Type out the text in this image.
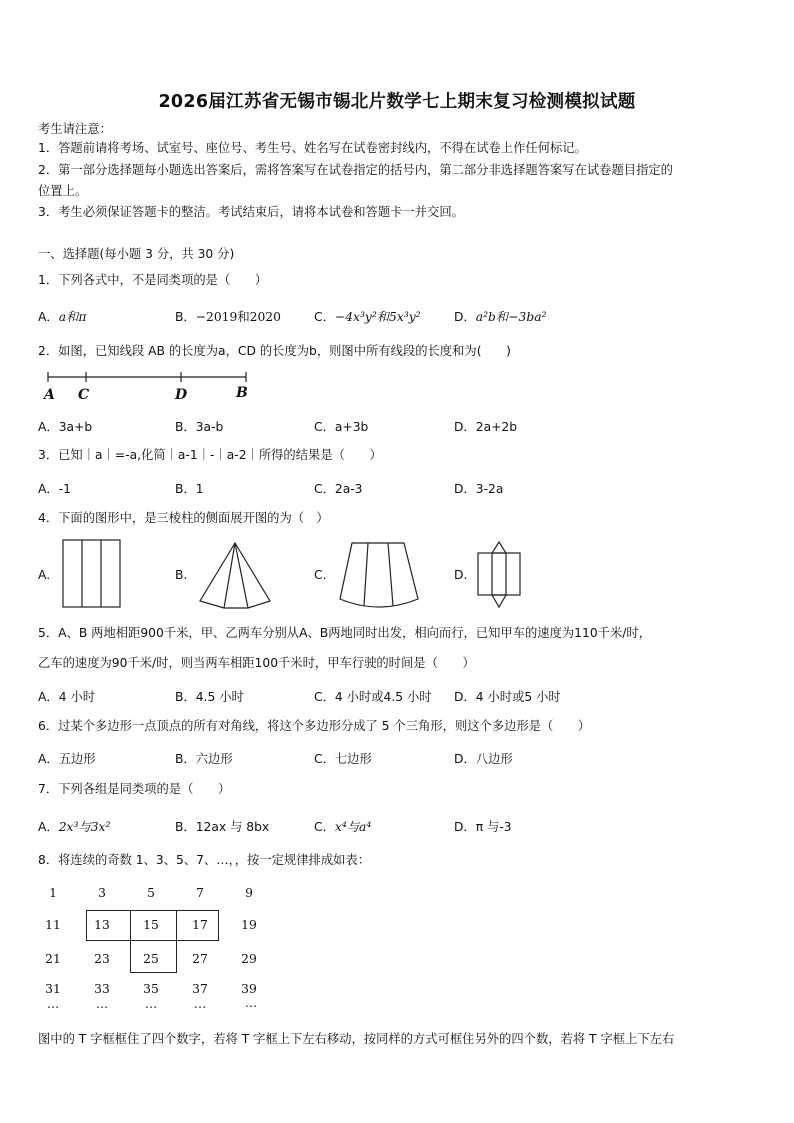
2026届江苏省无锡市锡北片数学七上期末复习检测模拟试题
考生请注意：
1．答题前请将考场、试室号、座位号、考生号、姓名写在试卷密封线内，不得在试卷上作任何标记。
2．第一部分选择题每小题选出答案后，需将答案写在试卷指定的括号内，第二部分非选择题答案写在试卷题目指定的
位置上。
3．考生必须保证答题卡的整洁。考试结束后，请将本试卷和答题卡一并交回。
一、选择题(每小题 3 分，共 30 分)
1．下列各式中，不是同类项的是（　　）
A．a和π	B．−2019和2020	C．−4x³y²和5x³y²	D．a²b和−3ba²
2．如图，已知线段 AB 的长度为a，CD 的长度为b，则图中所有线段的长度和为(　　)
A C	D	B
A．3a+b	B．3a-b	C．a+3b	D．2a+2b
3．已知｜a｜=-a,化简｜a-1｜-｜a-2｜所得的结果是（　　）
A．-1	B．1	C．2a-3	D．3-2a
4．下面的图形中，是三棱柱的侧面展开图的为（　）
A.	B.	C.	D.
5．A、B 两地相距900千米，甲、乙两车分别从A、B两地同时出发，相向而行，已知甲车的速度为110千米/时，
乙车的速度为90千米/时，则当两车相距100千米时，甲车行驶的时间是（　　）
A．4 小时	B．4.5 小时	C．4 小时或4.5 小时 D．4 小时或5 小时
6．过某个多边形一点顶点的所有对角线，将这个多边形分成了 5 个三角形，则这个多边形是（　　）
A．五边形	B．六边形	C．七边形	D．八边形
7．下列各组是同类项的是（　　）
A．2x³与3x²	B．12ax 与 8bx	C．x⁴与a⁴	D．π 与-3
8．将连续的奇数 1、3、5、7、…，，按一定规律排成如表：
1	3	5	7	9
11	13	15	17	19
21	23	25	27	29
31	33	35	37	39
…	…	…	…	…
图中的 T 字框框住了四个数字，若将 T 字框上下左右移动，按同样的方式可框住另外的四个数，若将 T 字框上下左右
